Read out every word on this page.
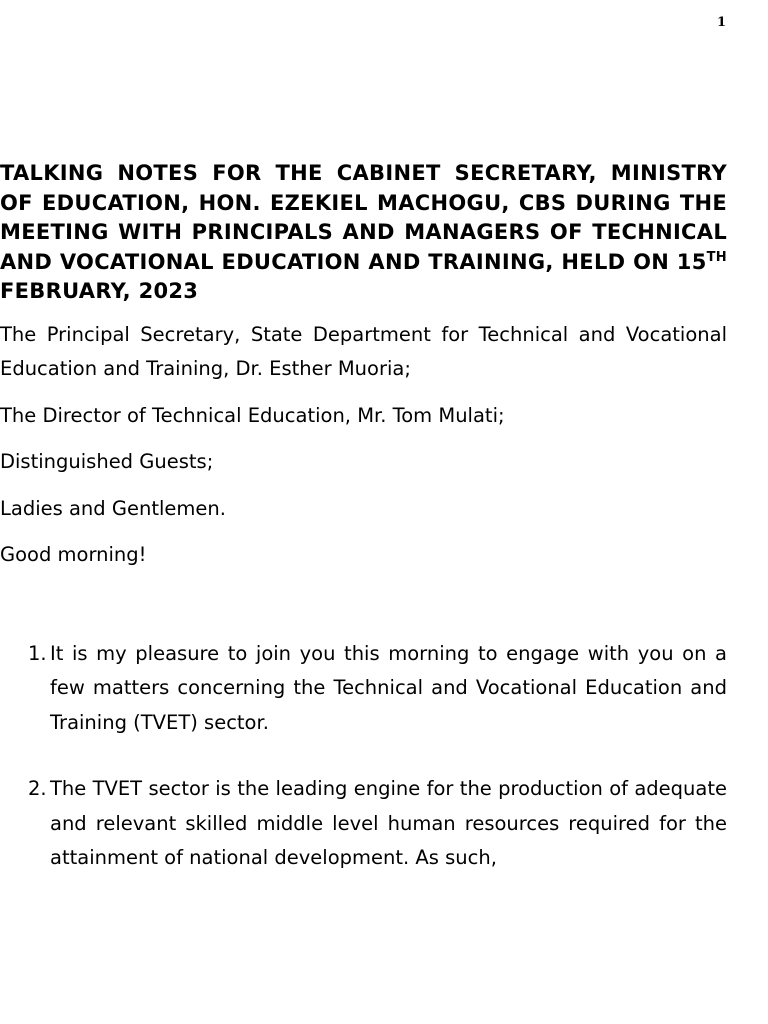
1
TALKING NOTES FOR THE CABINET SECRETARY, MINISTRY OF EDUCATION, HON. EZEKIEL MACHOGU, CBS DURING THE MEETING WITH PRINCIPALS AND MANAGERS OF TECHNICAL AND VOCATIONAL EDUCATION AND TRAINING, HELD ON 15TH FEBRUARY, 2023

The Principal Secretary, State Department for Technical and Vocational Education and Training, Dr. Esther Muoria;

The Director of Technical Education, Mr. Tom Mulati;

Distinguished Guests;

Ladies and Gentlemen.

Good morning!

1. It is my pleasure to join you this morning to engage with you on a few matters concerning the Technical and Vocational Education and Training (TVET) sector.
2. The TVET sector is the leading engine for the production of adequate and relevant skilled middle level human resources required for the attainment of national development. As such,
